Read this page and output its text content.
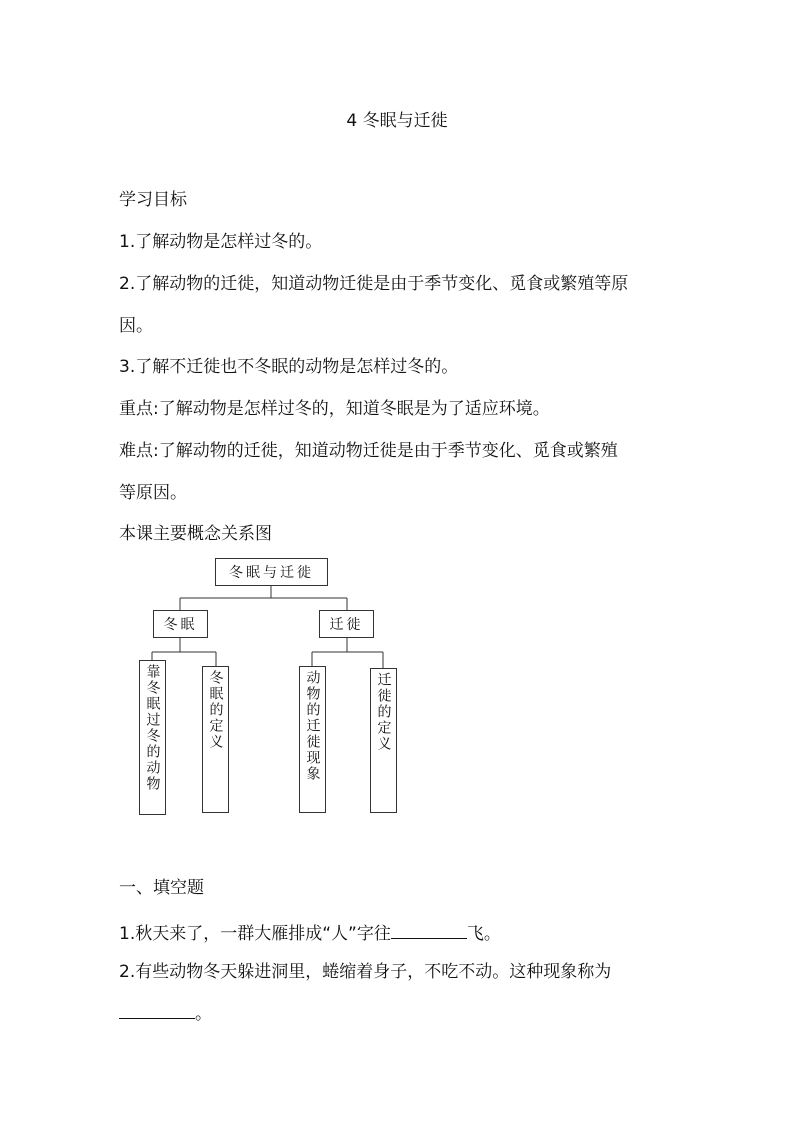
4 冬眠与迁徙
学习目标
1.了解动物是怎样过冬的。
2.了解动物的迁徙，知道动物迁徙是由于季节变化、觅食或繁殖等原
因。
3.了解不迁徙也不冬眠的动物是怎样过冬的。
重点:了解动物是怎样过冬的，知道冬眠是为了适应环境。
难点:了解动物的迁徙，知道动物迁徙是由于季节变化、觅食或繁殖
等原因。
本课主要概念关系图
冬眠与迁徙
冬眠	迁徙
靠冬眠过冬的动物	冬眠的定义	动物的迁徙现象	迁徙的定义
一、填空题
1.秋天来了，一群大雁排成“人”字往	飞。
2.有些动物冬天躲进洞里，蜷缩着身子，不吃不动。这种现象称为
。
